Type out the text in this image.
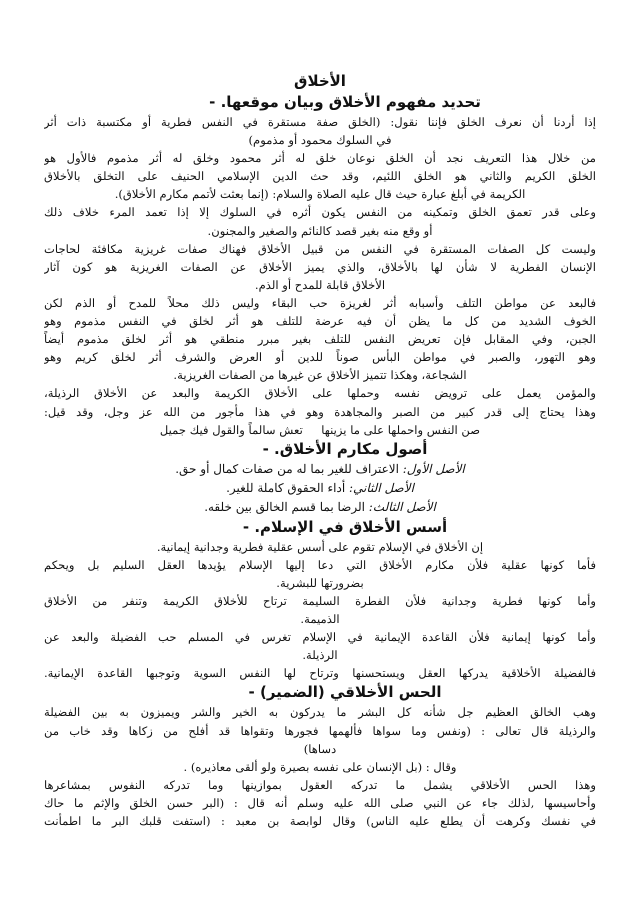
الأخلاق
تحديد مفهوم الأخلاق وبيان موقعها. -
إذا أردنا أن نعرف الخلق فإننا نقول: (الخلق صفة مستقرة في النفس فطرية أو مكتسبة ذات أثر
في السلوك محمود أو مذموم)
من خلال هذا التعريف نجد أن الخلق نوعان خلق له أثر محمود وخلق له أثر مذموم فالأول هو
الخلق الكريم والثاني هو الخلق اللئيم، وقد حث الدين الإسلامي الحنيف على التخلق بالأخلاق
الكريمة في أبلغ عبارة حيث قال عليه الصلاة والسلام: (إنما بعثت لأتمم مكارم الأخلاق).
وعلى قدر تعمق الخلق وتمكينه من النفس يكون أثره في السلوك إلا إذا تعمد المرء خلاف ذلك
أو وقع منه بغير قصد كالنائم والصغير والمجنون.
وليست كل الصفات المستقرة في النفس من قبيل الأخلاق فهناك صفات غريزية مكافئة لحاجات
الإنسان الفطرية لا شأن لها بالأخلاق، والذي يميز الأخلاق عن الصفات الغريزية هو كون آثار
الأخلاق قابلة للمدح أو الذم.
فالبعد عن مواطن التلف وأسبابه أثر لغريزة حب البقاء وليس ذلك محلاً للمدح أو الذم لكن
الخوف الشديد من كل ما يظن أن فيه عرضة للتلف هو أثر لخلق في النفس مذموم وهو
الجبن، وفي المقابل فإن تعريض النفس للتلف بغير مبرر منطقي هو أثر لخلق مذموم أيضاً
وهو التهور، والصبر في مواطن البأس صوناً للدين أو العرض والشرف أثر لخلق كريم وهو
الشجاعة، وهكذا تتميز الأخلاق عن غيرها من الصفات الغريزية.
والمؤمن يعمل على ترويض نفسه وحملها على الأخلاق الكريمة والبعد عن الأخلاق الرذيلة،
وهذا يحتاج إلى قدر كبير من الصبر والمجاهدة وهو في هذا مأجور من الله عز وجل، وقد قيل:
صن النفس واحملها على ما يزينها     تعش سالماً والقول فيك جميل
أصول مكارم الأخلاق. -
الأصل الأول: الاعتراف للغير بما له من صفات كمال أو حق.
الأصل الثاني: أداء الحقوق كاملة للغير.
الأصل الثالث: الرضا بما قسم الخالق بين خلقه.
أسس الأخلاق في الإسلام. -
إن الأخلاق في الإسلام تقوم على أسس عقلية فطرية وجدانية إيمانية.
فأما كونها عقلية فلأن مكارم الأخلاق التي دعا إليها الإسلام يؤيدها العقل السليم بل ويحكم
بضرورتها للبشرية.
وأما كونها فطرية وجدانية فلأن الفطرة السليمة ترتاح للأخلاق الكريمة وتنفر من الأخلاق
الذميمة.
وأما كونها إيمانية فلأن القاعدة الإيمانية في الإسلام تغرس في المسلم حب الفضيلة والبعد عن
الرذيلة.
فالفضيلة الأخلاقية يدركها العقل ويستحسنها وترتاح لها النفس السوية وتوجبها القاعدة الإيمانية.
الحس الأخلاقي (الضمير) -
وهب الخالق العظيم جل شأنه كل البشر ما يدركون به الخير والشر ويميزون به بين الفضيلة
والرذيلة قال تعالى : (ونفس وما سواها فألهمها فجورها وتقواها قد أفلح من زكاها وقد خاب من
دساها)
وقال : (بل الإنسان على نفسه بصيرة ولو ألقى معاذيره) .
وهذا الحس الأخلاقي يشمل ما تدركه العقول بموازينها وما تدركه النفوس بمشاعرها
وأحاسيسها ,لذلك جاء عن النبي صلى الله عليه وسلم أنه قال : (البر حسن الخلق والإثم ما حاك
في نفسك وكرهت أن يطلع عليه الناس) وقال لوابصة بن معبد : (استفت قلبك البر ما اطمأنت
